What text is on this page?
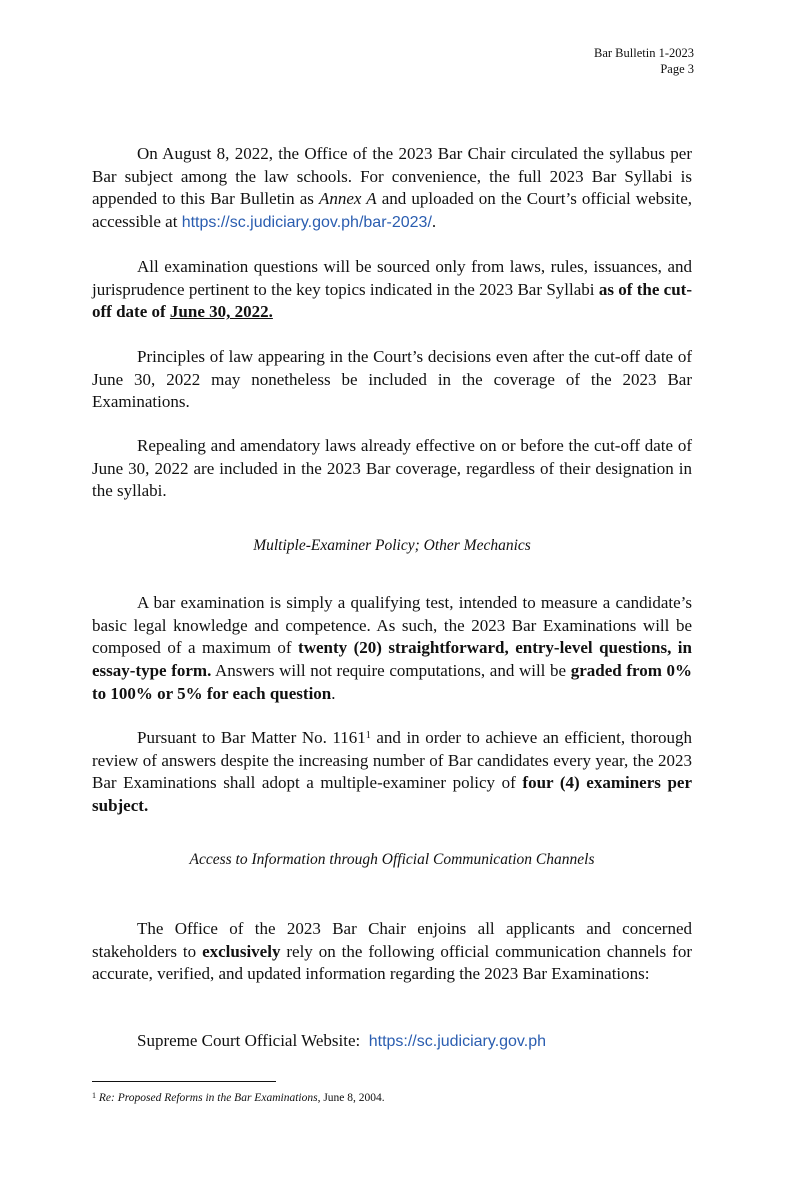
Bar Bulletin 1-2023
Page 3

On August 8, 2022, the Office of the 2023 Bar Chair circulated the syllabus per Bar subject among the law schools. For convenience, the full 2023 Bar Syllabi is appended to this Bar Bulletin as Annex A and uploaded on the Court’s official website, accessible at https://sc.judiciary.gov.ph/bar-2023/.

All examination questions will be sourced only from laws, rules, issuances, and jurisprudence pertinent to the key topics indicated in the 2023 Bar Syllabi as of the cut-off date of June 30, 2022.

Principles of law appearing in the Court’s decisions even after the cut-off date of June 30, 2022 may nonetheless be included in the coverage of the 2023 Bar Examinations.

Repealing and amendatory laws already effective on or before the cut-off date of June 30, 2022 are included in the 2023 Bar coverage, regardless of their designation in the syllabi.

Multiple-Examiner Policy; Other Mechanics

A bar examination is simply a qualifying test, intended to measure a candidate’s basic legal knowledge and competence. As such, the 2023 Bar Examinations will be composed of a maximum of twenty (20) straightforward, entry-level questions, in essay-type form. Answers will not require computations, and will be graded from 0% to 100% or 5% for each question.

Pursuant to Bar Matter No. 1161$^1$ and in order to achieve an efficient, thorough review of answers despite the increasing number of Bar candidates every year, the 2023 Bar Examinations shall adopt a multiple-examiner policy of four (4) examiners per subject.

Access to Information through Official Communication Channels

The Office of the 2023 Bar Chair enjoins all applicants and concerned stakeholders to exclusively rely on the following official communication channels for accurate, verified, and updated information regarding the 2023 Bar Examinations:

Supreme Court Official Website: https://sc.judiciary.gov.ph

$^1$ Re: Proposed Reforms in the Bar Examinations, June 8, 2004.
